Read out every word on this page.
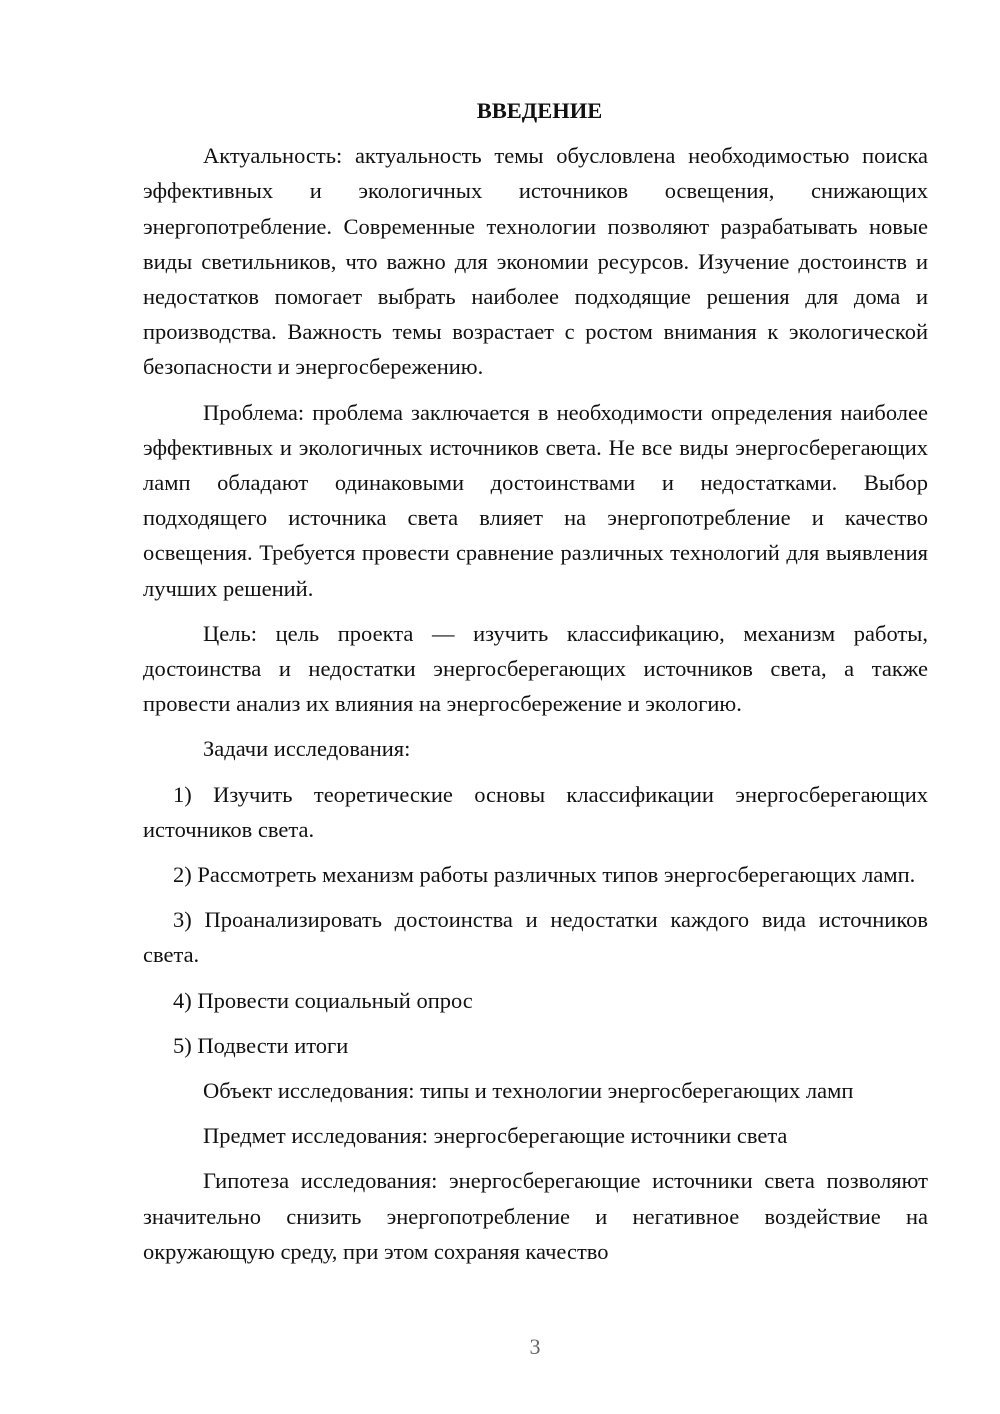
ВВЕДЕНИЕ

Актуальность: актуальность темы обусловлена необходимостью поиска эффективных и экологичных источников освещения, снижающих энергопотребление. Современные технологии позволяют разрабатывать новые виды светильников, что важно для экономии ресурсов. Изучение достоинств и недостатков помогает выбрать наиболее подходящие решения для дома и производства. Важность темы возрастает с ростом внимания к экологической безопасности и энергосбережению.

Проблема: проблема заключается в необходимости определения наиболее эффективных и экологичных источников света. Не все виды энергосберегающих ламп обладают одинаковыми достоинствами и недостатками. Выбор подходящего источника света влияет на энергопотребление и качество освещения. Требуется провести сравнение различных технологий для выявления лучших решений.

Цель: цель проекта — изучить классификацию, механизм работы, достоинства и недостатки энергосберегающих источников света, а также провести анализ их влияния на энергосбережение и экологию.

Задачи исследования:

1) Изучить теоретические основы классификации энергосберегающих источников света.

2) Рассмотреть механизм работы различных типов энергосберегающих ламп.

3) Проанализировать достоинства и недостатки каждого вида источников света.

4) Провести социальный опрос

5) Подвести итоги

Объект исследования: типы и технологии энергосберегающих ламп

Предмет исследования: энергосберегающие источники света

Гипотеза исследования: энергосберегающие источники света позволяют значительно снизить энергопотребление и негативное воздействие на окружающую среду, при этом сохраняя качество

3
